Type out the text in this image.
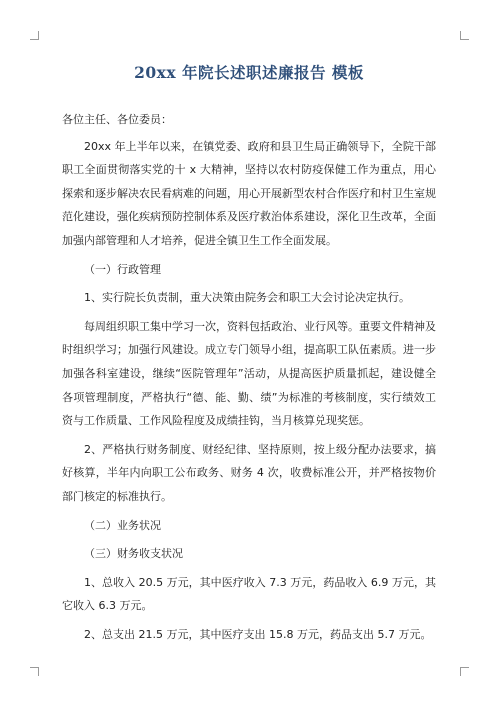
20xx 年院长述职述廉报告 模板

各位主任、各位委员：

20xx 年上半年以来，在镇党委、政府和县卫生局正确领导下，全院干部职工全面贯彻落实党的十 x 大精神，坚持以农村防疫保健工作为重点，用心探索和逐步解决农民看病难的问题，用心开展新型农村合作医疗和村卫生室规范化建设，强化疾病预防控制体系及医疗救治体系建设，深化卫生改革，全面加强内部管理和人才培养，促进全镇卫生工作全面发展。

（一）行政管理

1、实行院长负责制，重大决策由院务会和职工大会讨论决定执行。

每周组织职工集中学习一次，资料包括政治、业行风等。重要文件精神及时组织学习；加强行风建设。成立专门领导小组，提高职工队伍素质。进一步加强各科室建设，继续“医院管理年”活动，从提高医护质量抓起，建设健全各项管理制度，严格执行“德、能、勤、绩”为标准的考核制度，实行绩效工资与工作质量、工作风险程度及成绩挂钩，当月核算兑现奖惩。

2、严格执行财务制度、财经纪律、坚持原则，按上级分配办法要求，搞好核算，半年内向职工公布政务、财务 4 次，收费标准公开，并严格按物价部门核定的标准执行。

（二）业务状况

（三）财务收支状况

1、总收入 20.5 万元，其中医疗收入 7.3 万元，药品收入 6.9 万元，其它收入 6.3 万元。

2、总支出 21.5 万元，其中医疗支出 15.8 万元，药品支出 5.7 万元。
